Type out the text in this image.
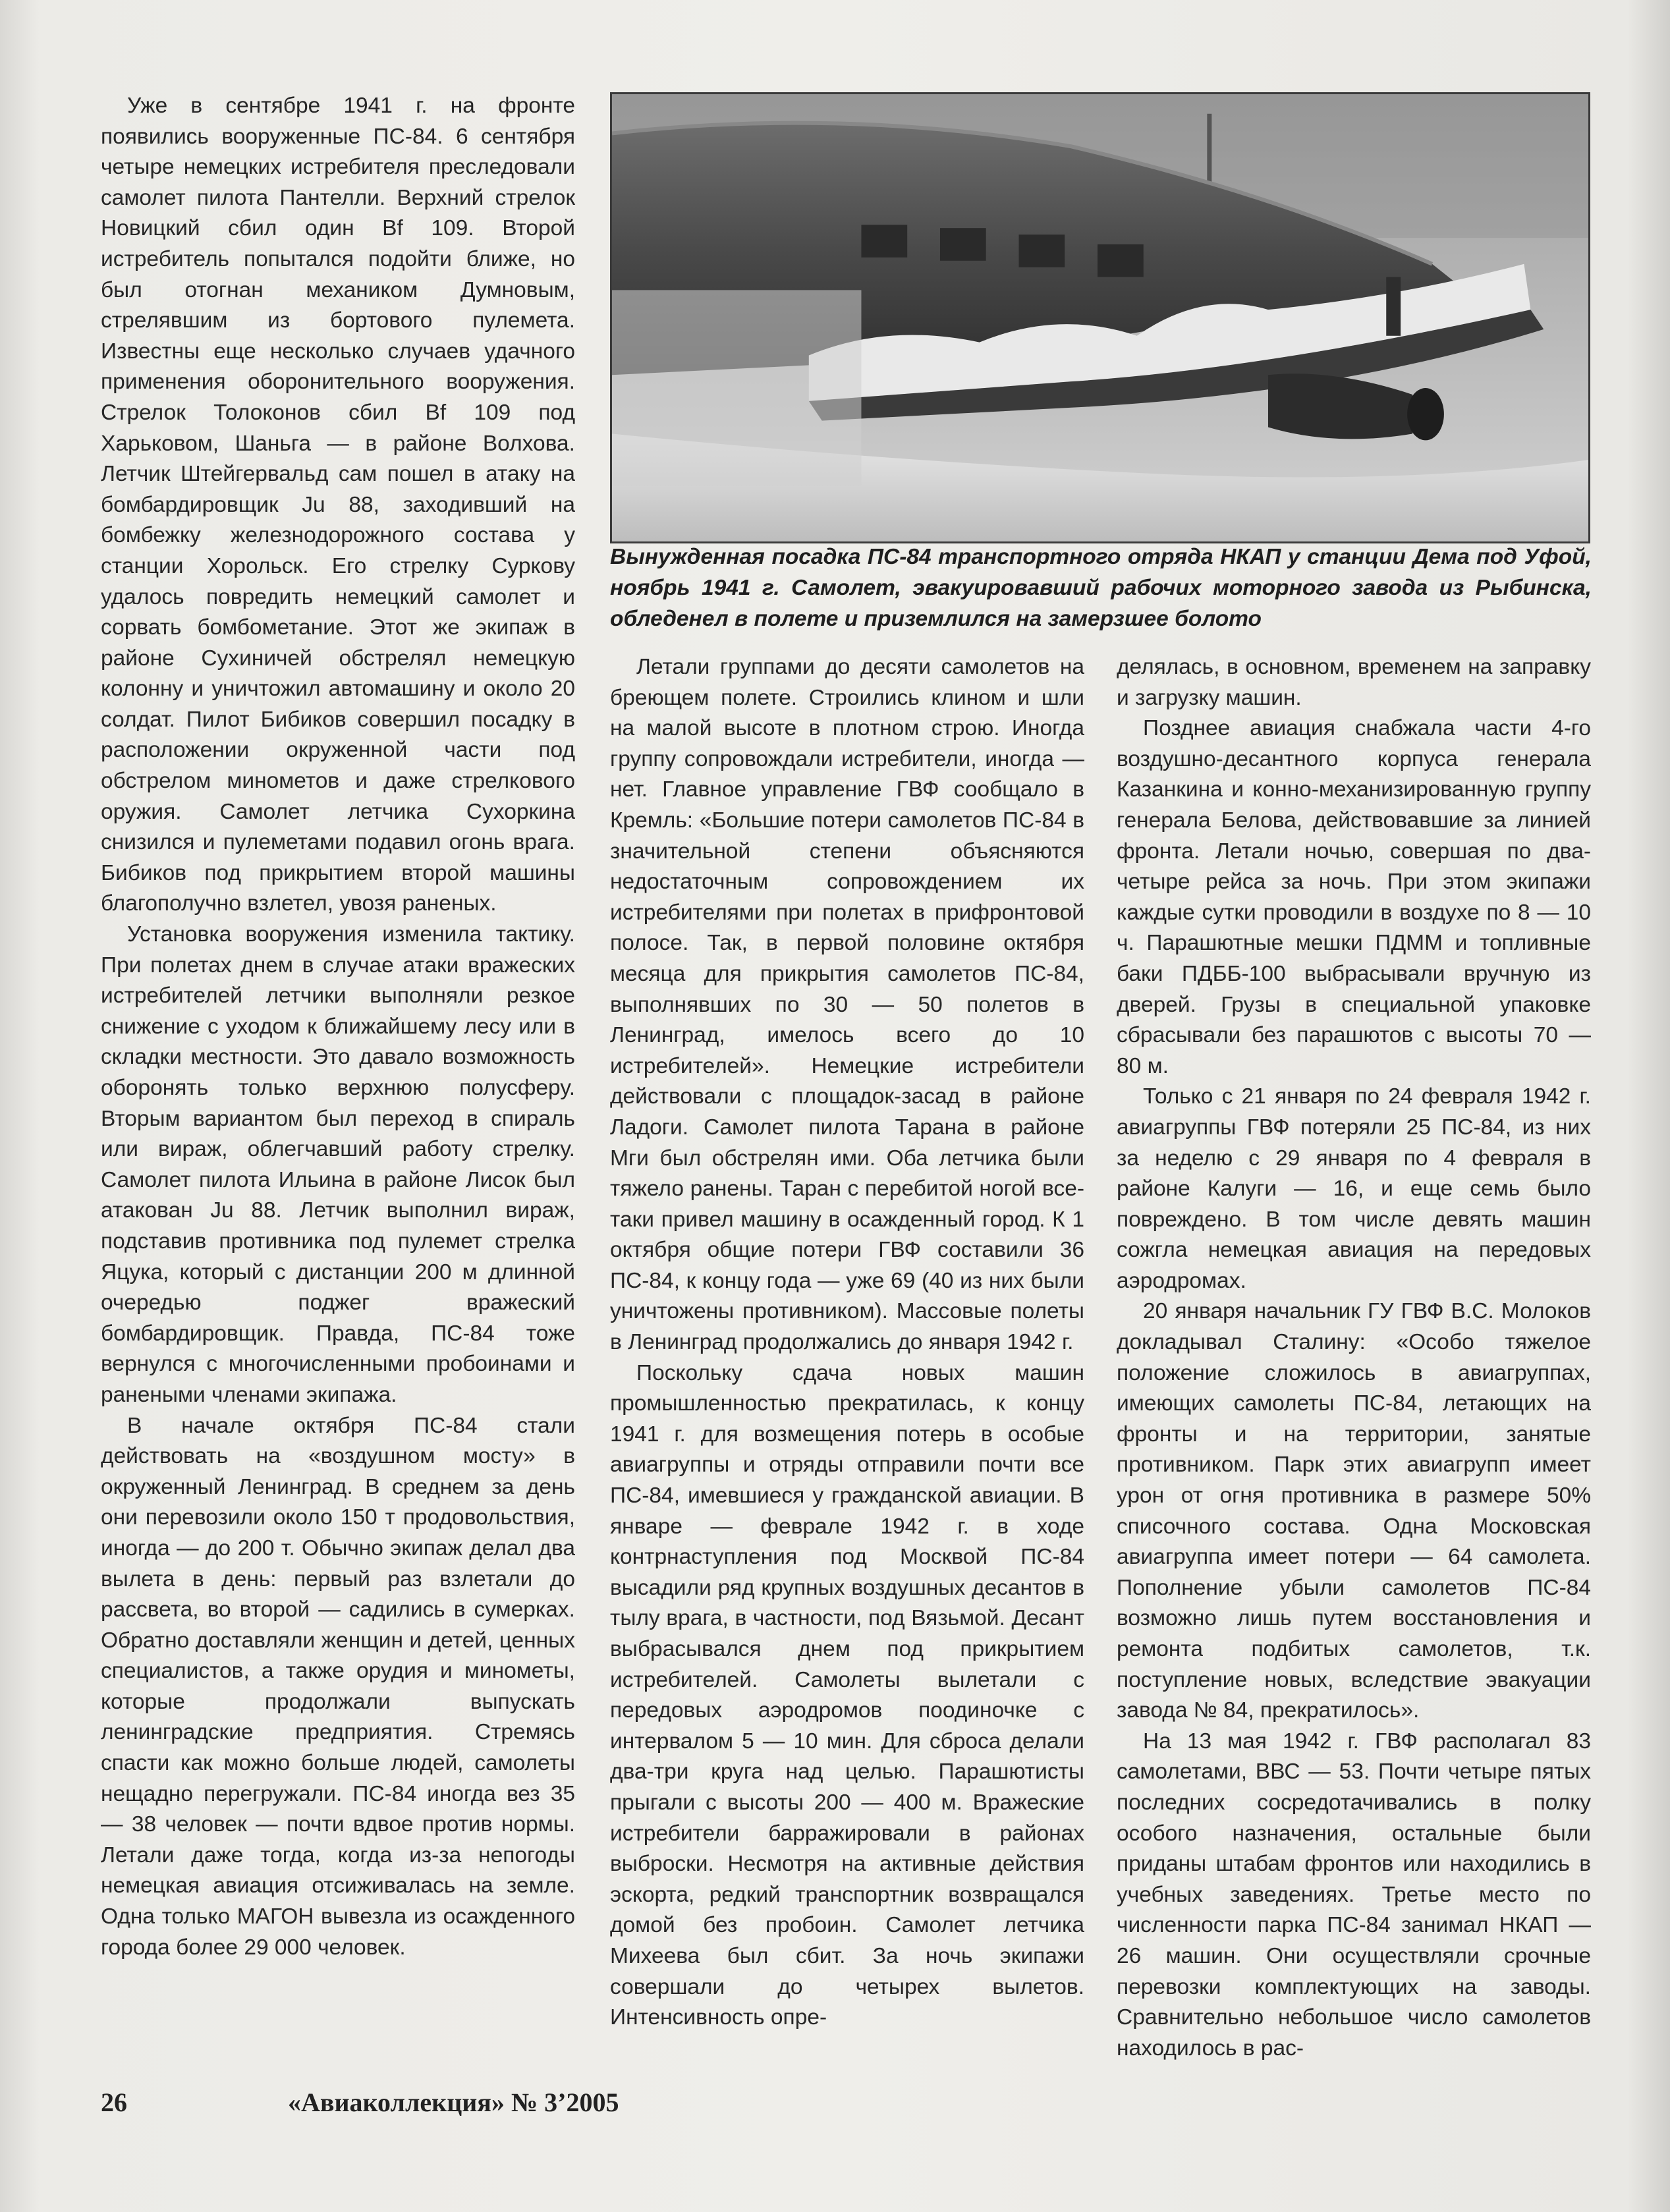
Уже в сентябре 1941 г. на фронте появились вооруженные ПС-84. 6 сентября четыре немецких истребителя преследовали самолет пилота Пантелли. Верхний стрелок Новицкий сбил один Bf 109. Второй истребитель попытался подойти ближе, но был отогнан механиком Думновым, стрелявшим из бортового пулемета. Известны еще несколько случаев удачного применения оборонительного вооружения. Стрелок Толоконов сбил Bf 109 под Харьковом, Шаньга — в районе Волхова. Летчик Штейгервальд сам пошел в атаку на бомбардировщик Ju 88, заходивший на бомбежку железнодорожного состава у станции Хорольск. Его стрелку Суркову удалось повредить немецкий самолет и сорвать бомбометание. Этот же экипаж в районе Сухиничей обстрелял немецкую колонну и уничтожил автомашину и около 20 солдат. Пилот Бибиков совершил посадку в расположении окруженной части под обстрелом минометов и даже стрелкового оружия. Самолет летчика Сухоркина снизился и пулеметами подавил огонь врага. Бибиков под прикрытием второй машины благополучно взлетел, увозя раненых.

Установка вооружения изменила тактику. При полетах днем в случае атаки вражеских истребителей летчики выполняли резкое снижение с уходом к ближайшему лесу или в складки местности. Это давало возможность оборонять только верхнюю полусферу. Вторым вариантом был переход в спираль или вираж, облегчавший работу стрелку. Самолет пилота Ильина в районе Лисок был атакован Ju 88. Летчик выполнил вираж, подставив противника под пулемет стрелка Яцука, который с дистанции 200 м длинной очередью поджег вражеский бомбардировщик. Правда, ПС-84 тоже вернулся с многочисленными пробоинами и ранеными членами экипажа.

В начале октября ПС-84 стали действовать на «воздушном мосту» в окруженный Ленинград. В среднем за день они перевозили около 150 т продовольствия, иногда — до 200 т. Обычно экипаж делал два вылета в день: первый раз взлетали до рассвета, во второй — садились в сумерках. Обратно доставляли женщин и детей, ценных специалистов, а также орудия и минометы, которые продолжали выпускать ленинградские предприятия. Стремясь спасти как можно больше людей, самолеты нещадно перегружали. ПС-84 иногда вез 35 — 38 человек — почти вдвое против нормы. Летали даже тогда, когда из-за непогоды немецкая авиация отсиживалась на земле. Одна только МАГОН вывезла из осажденного города более 29 000 человек.

Вынужденная посадка ПС-84 транспортного отряда НКАП у станции Дема под Уфой, ноябрь 1941 г. Самолет, эвакуировавший рабочих моторного завода из Рыбинска, обледенел в полете и приземлился на замерзшее болото

Летали группами до десяти самолетов на бреющем полете. Строились клином и шли на малой высоте в плотном строю. Иногда группу сопровождали истребители, иногда — нет. Главное управление ГВФ сообщало в Кремль: «Большие потери самолетов ПС-84 в значительной степени объясняются недостаточным сопровождением их истребителями при полетах в прифронтовой полосе. Так, в первой половине октября месяца для прикрытия самолетов ПС-84, выполнявших по 30 — 50 полетов в Ленинград, имелось всего до 10 истребителей». Немецкие истребители действовали с площадок-засад в районе Ладоги. Самолет пилота Тарана в районе Мги был обстрелян ими. Оба летчика были тяжело ранены. Таран с перебитой ногой все-таки привел машину в осажденный город. К 1 октября общие потери ГВФ составили 36 ПС-84, к концу года — уже 69 (40 из них были уничтожены противником). Массовые полеты в Ленинград продолжались до января 1942 г.

Поскольку сдача новых машин промышленностью прекратилась, к концу 1941 г. для возмещения потерь в особые авиагруппы и отряды отправили почти все ПС-84, имевшиеся у гражданской авиации. В январе — феврале 1942 г. в ходе контрнаступления под Москвой ПС-84 высадили ряд крупных воздушных десантов в тылу врага, в частности, под Вязьмой. Десант выбрасывался днем под прикрытием истребителей. Самолеты вылетали с передовых аэродромов поодиночке с интервалом 5 — 10 мин. Для сброса делали два-три круга над целью. Парашютисты прыгали с высоты 200 — 400 м. Вражеские истребители барражировали в районах выброски. Несмотря на активные действия эскорта, редкий транспортник возвращался домой без пробоин. Самолет летчика Михеева был сбит. За ночь экипажи совершали до четырех вылетов. Интенсивность опре-

делялась, в основном, временем на заправку и загрузку машин.

Позднее авиация снабжала части 4-го воздушно-десантного корпуса генерала Казанкина и конно-механизированную группу генерала Белова, действовавшие за линией фронта. Летали ночью, совершая по два-четыре рейса за ночь. При этом экипажи каждые сутки проводили в воздухе по 8 — 10 ч. Парашютные мешки ПДММ и топливные баки ПДББ-100 выбрасывали вручную из дверей. Грузы в специальной упаковке сбрасывали без парашютов с высоты 70 — 80 м.

Только с 21 января по 24 февраля 1942 г. авиагруппы ГВФ потеряли 25 ПС-84, из них за неделю с 29 января по 4 февраля в районе Калуги — 16, и еще семь было повреждено. В том числе девять машин сожгла немецкая авиация на передовых аэродромах.

20 января начальник ГУ ГВФ В.С. Молоков докладывал Сталину: «Особо тяжелое положение сложилось в авиагруппах, имеющих самолеты ПС-84, летающих на фронты и на территории, занятые противником. Парк этих авиагрупп имеет урон от огня противника в размере 50% списочного состава. Одна Московская авиагруппа имеет потери — 64 самолета. Пополнение убыли самолетов ПС-84 возможно лишь путем восстановления и ремонта подбитых самолетов, т.к. поступление новых, вследствие эвакуации завода № 84, прекратилось».

На 13 мая 1942 г. ГВФ располагал 83 самолетами, ВВС — 53. Почти четыре пятых последних сосредотачивались в полку особого назначения, остальные были приданы штабам фронтов или находились в учебных заведениях. Третье место по численности парка ПС-84 занимал НКАП — 26 машин. Они осуществляли срочные перевозки комплектующих на заводы. Сравнительно небольшое число самолетов находилось в рас-

26	«Авиаколлекция» № 3’2005
